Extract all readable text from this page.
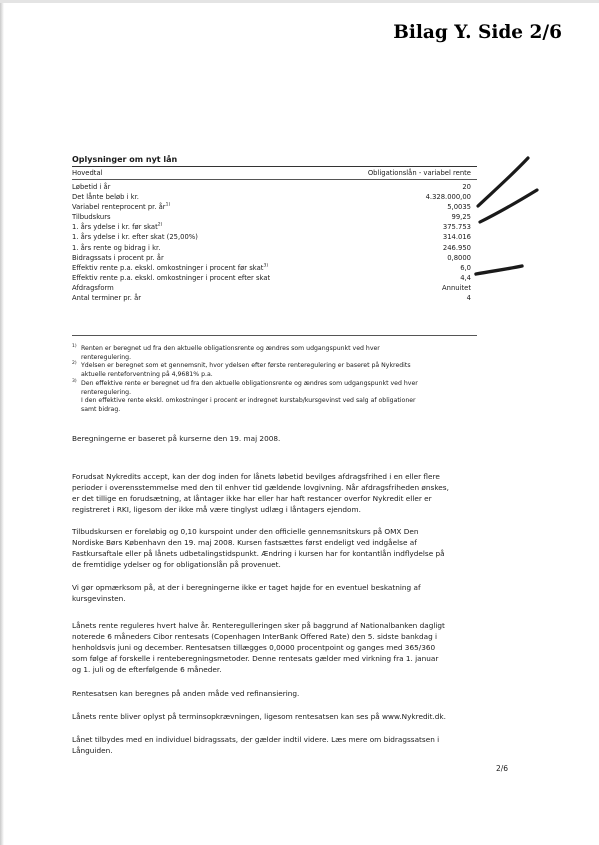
Bilag Y. Side 2/6
Oplysninger om nyt lån
Hovedtal	Obligationslån - variabel rente
Løbetid i år	20
Det lånte beløb i kr.	4.328.000,00
Variabel renteprocent pr. $år^{1)}$	5,0035
Tilbudskurs	99,25
1. års ydelse i kr. før skat$^{2)}$	375.753
1. års ydelse i kr. efter skat (25,00%)	314.016
1. års rente og bidrag i kr.	246.950
Bidragssats i procent pr. år	0,8000
Effektiv rente p.a. ekskl. omkostninger i procent før skat$^{3)}$	6,0
Effektiv rente p.a. ekskl. omkostninger i procent efter skat	4,4
Afdragsform	Annuitet
Antal terminer pr. år	4
1) Renten er beregnet ud fra den aktuelle obligationsrente og ændres som udgangspunkt ved hver
renteregulering.
2) Ydelsen er beregnet som et gennemsnit, hvor ydelsen efter første renteregulering er baseret på Nykredits
aktuelle renteforventning på 4,9681% p.a.
3) Den effektive rente er beregnet ud fra den aktuelle obligationsrente og ændres som udgangspunkt ved hver
renteregulering.
I den effektive rente ekskl. omkostninger i procent er indregnet kurstab/kursgevinst ved salg af obligationer
samt bidrag.
Beregningerne er baseret på kurserne den 19. maj 2008.
Forudsat Nykredits accept, kan der dog inden for lånets løbetid bevilges afdragsfrihed i en eller flere
perioder i overensstemmelse med den til enhver tid gældende lovgivning. Når afdragsfriheden ønskes,
er det tillige en forudsætning, at låntager ikke har eller har haft restancer overfor Nykredit eller er
registreret i RKI, ligesom der ikke må være tinglyst udlæg i låntagers ejendom.
Tilbudskursen er foreløbig og 0,10 kurspoint under den officielle gennemsnitskurs på OMX Den
Nordiske Børs København den 19. maj 2008. Kursen fastsættes først endeligt ved indgåelse af
Fastkursaftale eller på lånets udbetalingstidspunkt. Ændring i kursen har for kontantlån indflydelse på
de fremtidige ydelser og for obligationslån på provenuet.
Vi gør opmærksom på, at der i beregningerne ikke er taget højde for en eventuel beskatning af
kursgevinsten.
Lånets rente reguleres hvert halve år. Renteregulleringen sker på baggrund af Nationalbanken dagligt
noterede 6 måneders Cibor rentesats (Copenhagen InterBank Offered Rate) den 5. sidste bankdag i
henholdsvis juni og december. Rentesatsen tillægges 0,0000 procentpoint og ganges med 365/360
som følge af forskelle i renteberegningsmetoder. Denne rentesats gælder med virkning fra 1. januar
og 1. juli og de efterfølgende 6 måneder.
Rentesatsen kan beregnes på anden måde ved refinansiering.
Lånets rente bliver oplyst på terminsopkrævningen, ligesom rentesatsen kan ses på www.Nykredit.dk.
Lånet tilbydes med en individuel bidragssats, der gælder indtil videre. Læs mere om bidragssatsen i
Långuiden.
2/6
